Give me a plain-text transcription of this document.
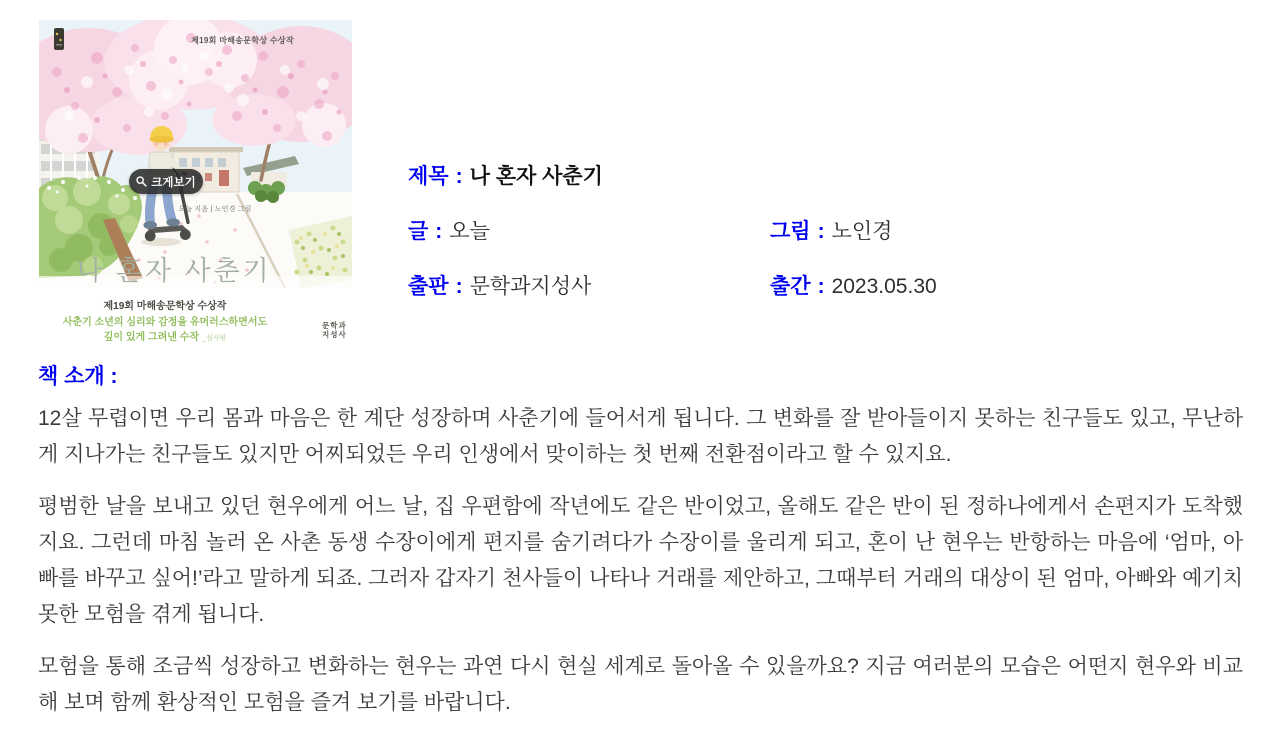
제19회 마해송문학상 수상작
크게보기
오늘 지음 | 노인경 그림
나 혼자 사춘기
제19회 마해송문학상 수상작
사춘기 소년의 심리와 감정을 유머러스하면서도
깊이 있게 그려낸 수작 _심사평
문학과
지성사
제목 : 나 혼자 사춘기
글 : 오늘	그림 : 노인경
출판 : 문학과지성사	출간 : 2023.05.30
책 소개 :

12살 무렵이면 우리 몸과 마음은 한 계단 성장하며 사춘기에 들어서게 됩니다. 그 변화를 잘 받아들이지 못하는 친구들도 있고, 무난하게 지나가는 친구들도 있지만 어찌되었든 우리 인생에서 맞이하는 첫 번째 전환점이라고 할 수 있지요.

평범한 날을 보내고 있던 현우에게 어느 날, 집 우편함에 작년에도 같은 반이었고, 올해도 같은 반이 된 정하나에게서 손편지가 도착했지요. 그런데 마침 놀러 온 사촌 동생 수장이에게 편지를 숨기려다가 수장이를 울리게 되고, 혼이 난 현우는 반항하는 마음에 ‘엄마, 아빠를 바꾸고 싶어!’라고 말하게 되죠. 그러자 갑자기 천사들이 나타나 거래를 제안하고, 그때부터 거래의 대상이 된 엄마, 아빠와 예기치 못한 모험을 겪게 됩니다.

모험을 통해 조금씩 성장하고 변화하는 현우는 과연 다시 현실 세계로 돌아올 수 있을까요? 지금 여러분의 모습은 어떤지 현우와 비교해 보며 함께 환상적인 모험을 즐겨 보기를 바랍니다.
